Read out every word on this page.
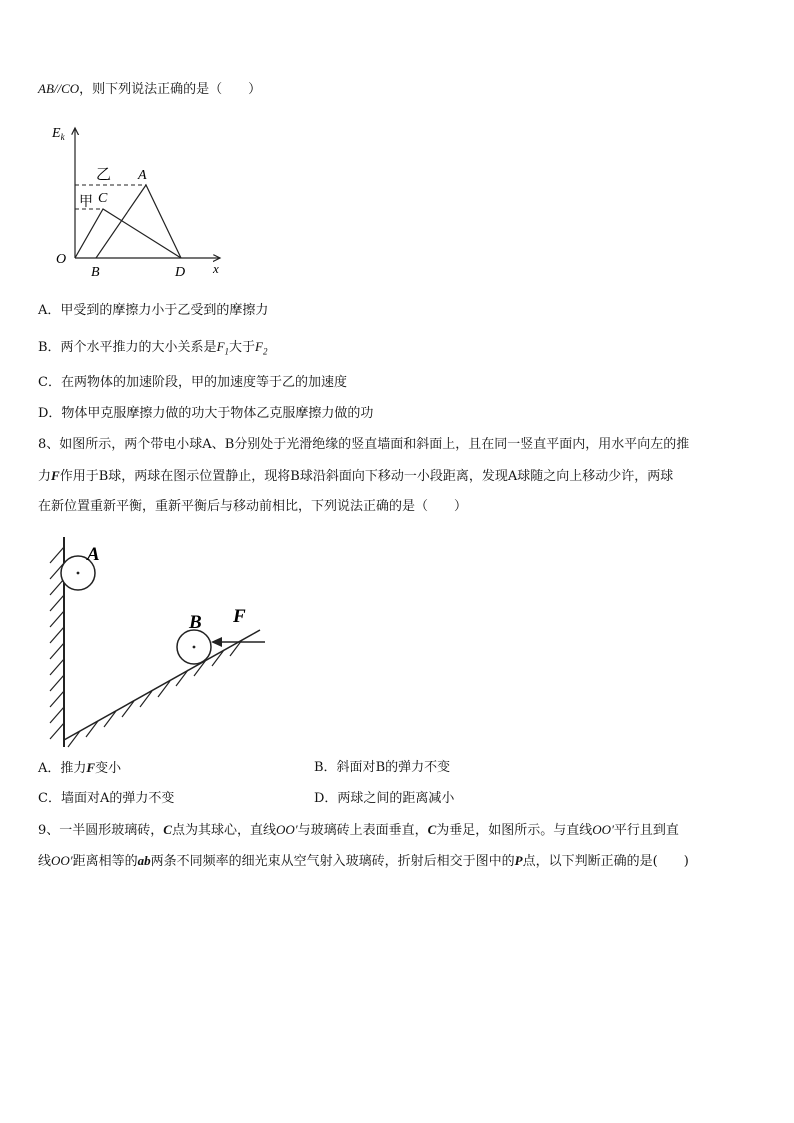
AB//CO，则下列说法正确的是（　　）
$E_k$
x
乙
甲
A
C
O
B	D
A．甲受到的摩擦力小于乙受到的摩擦力
B．两个水平推力的大小关系是$F_1$大于$F_2$
C．在两物体的加速阶段，甲的加速度等于乙的加速度
D．物体甲克服摩擦力做的功大于物体乙克服摩擦力做的功
8、如图所示，两个带电小球A、B分别处于光滑绝缘的竖直墙面和斜面上，且在同一竖直平面内，用水平向左的推
力F作用于B球，两球在图示位置静止，现将B球沿斜面向下移动一小段距离，发现A球随之向上移动少许，两球
在新位置重新平衡，重新平衡后与移动前相比，下列说法正确的是（　　）
A
B F
A．推力F变小	B．斜面对B的弹力不变
C．墙面对A的弹力不变	D．两球之间的距离减小
9、一半圆形玻璃砖，C点为其球心，直线OO′与玻璃砖上表面垂直，C为垂足，如图所示。与直线OO′平行且到直
线OO′距离相等的ab两条不同频率的细光束从空气射入玻璃砖，折射后相交于图中的P点，以下判断正确的是(　　)
